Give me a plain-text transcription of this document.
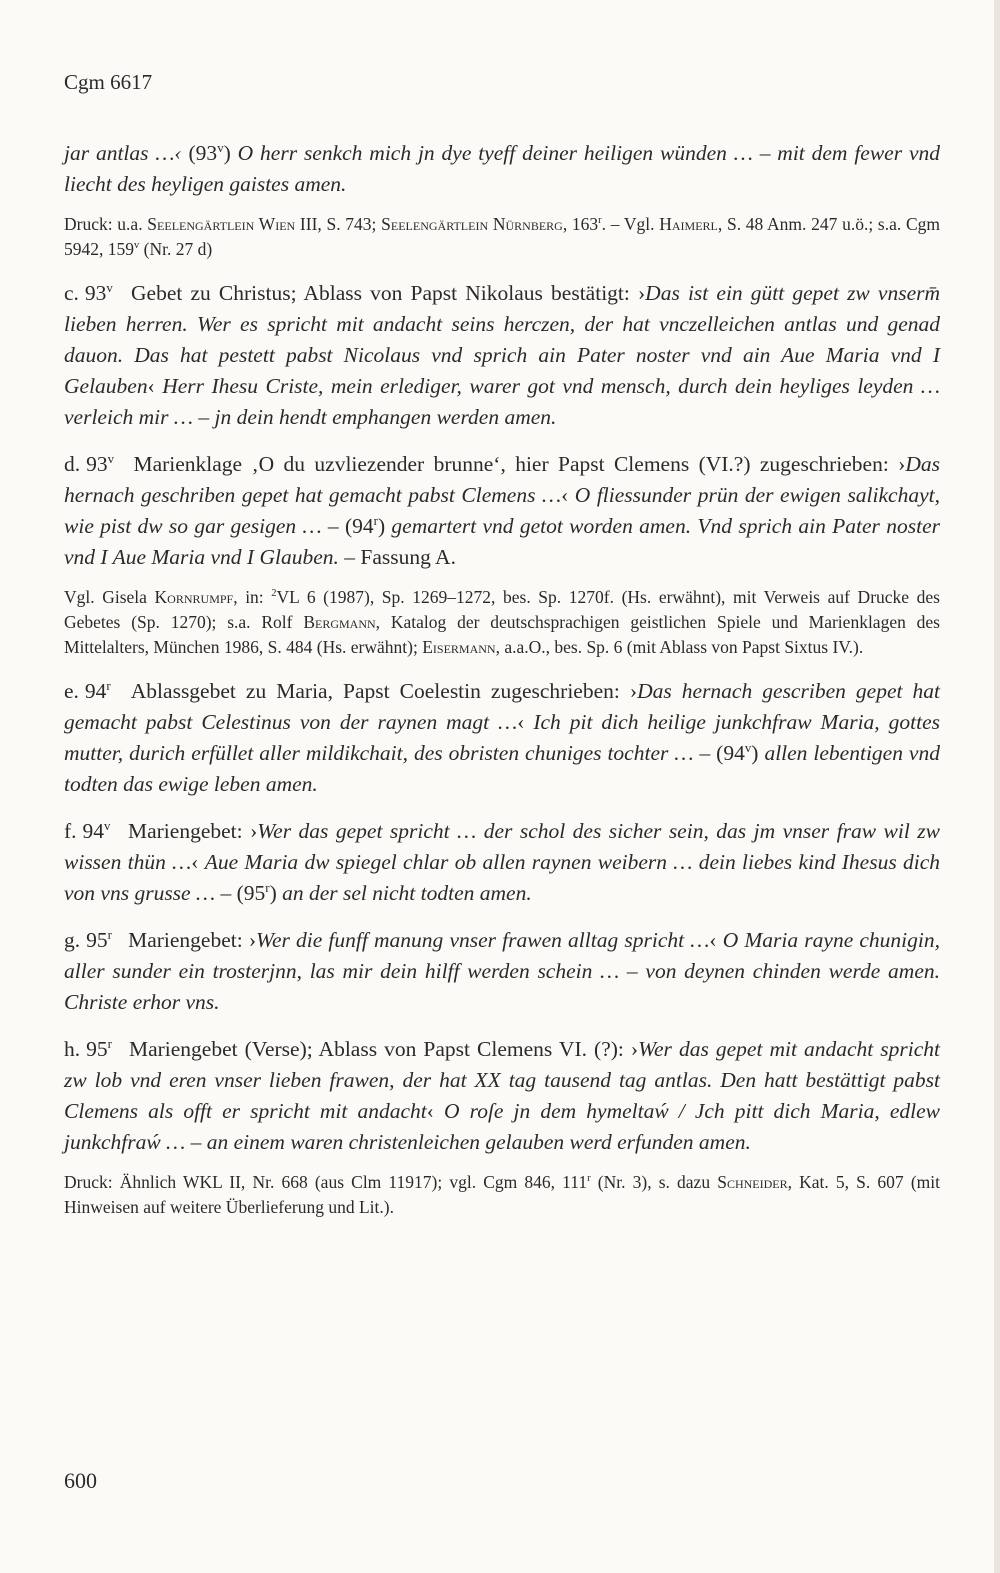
Cgm 6617

jar antlas …‹ (93$^v$) O herr senkch mich jn dye tyeff deiner heiligen wünden … – mit dem fewer vnd liecht des heyligen gaistes amen.

Druck: u.a. Seelengärtlein Wien III, S. 743; Seelengärtlein Nürnberg, 163$^r$. – Vgl. Haimerl, S. 48 Anm. 247 u.ö.; s.a. Cgm 5942, 159$^v$ (Nr. 27 d)

c. 93$^v$ Gebet zu Christus; Ablass von Papst Nikolaus bestätigt: ›Das ist ein gütt gepet zw vnserm̄ lieben herren. Wer es spricht mit andacht seins herczen, der hat vnczelleichen antlas und genad dauon. Das hat pestett pabst Nicolaus vnd sprich ain Pater noster vnd ain Aue Maria vnd I Gelauben‹ Herr Ihesu Criste, mein erlediger, warer got vnd mensch, durch dein heyliges leyden … verleich mir … – jn dein hendt emphangen werden amen.

d. 93$^v$ Marienklage ‚O du uzvliezender brunne‘, hier Papst Clemens (VI.?) zugeschrieben: ›Das hernach geschriben gepet hat gemacht pabst Clemens …‹ O fliessunder prün der ewigen salikchayt, wie pist dw so gar gesigen … – (94$^r$) gemartert vnd getot worden amen. Vnd sprich ain Pater noster vnd I Aue Maria vnd I Glauben. – Fassung A.

Vgl. Gisela Kornrumpf, in: $^2$VL 6 (1987), Sp. 1269–1272, bes. Sp. 1270f. (Hs. erwähnt), mit Verweis auf Drucke des Gebetes (Sp. 1270); s.a. Rolf Bergmann, Katalog der deutschsprachigen geistlichen Spiele und Marienklagen des Mittelalters, München 1986, S. 484 (Hs. erwähnt); Eisermann, a.a.O., bes. Sp. 6 (mit Ablass von Papst Sixtus IV.).

e. 94$^r$ Ablassgebet zu Maria, Papst Coelestin zugeschrieben: ›Das hernach gescriben gepet hat gemacht pabst Celestinus von der raynen magt …‹ Ich pit dich heilige junkchfraw Maria, gottes mutter, durich erfüllet aller mildikchait, des obristen chuniges tochter … – (94$^v$) allen lebentigen vnd todten das ewige leben amen.

f. 94$^v$ Mariengebet: ›Wer das gepet spricht … der schol des sicher sein, das jm vnser fraw wil zw wissen thün …‹ Aue Maria dw spiegel chlar ob allen raynen weibern … dein liebes kind Ihesus dich von vns grusse … – (95$^r$) an der sel nicht todten amen.

g. 95$^r$ Mariengebet: ›Wer die funff manung vnser frawen alltag spricht …‹ O Maria rayne chunigin, aller sunder ein trosterjnn, las mir dein hilff werden schein … – von deynen chinden werde amen. Christe erhor vns.

h. 95$^r$ Mariengebet (Verse); Ablass von Papst Clemens VI. (?): ›Wer das gepet mit andacht spricht zw lob vnd eren vnser lieben frawen, der hat XX tag tausend tag antlas. Den hatt bestättigt pabst Clemens als offt er spricht mit andacht‹ O roſe jn dem hymeltaẃ / Jch pitt dich Maria, edlew junkchfraẃ … – an einem waren christenleichen gelauben werd erfunden amen.

Druck: Ähnlich WKL II, Nr. 668 (aus Clm 11917); vgl. Cgm 846, 111$^r$ (Nr. 3), s. dazu Schneider, Kat. 5, S. 607 (mit Hinweisen auf weitere Überlieferung und Lit.).

600
